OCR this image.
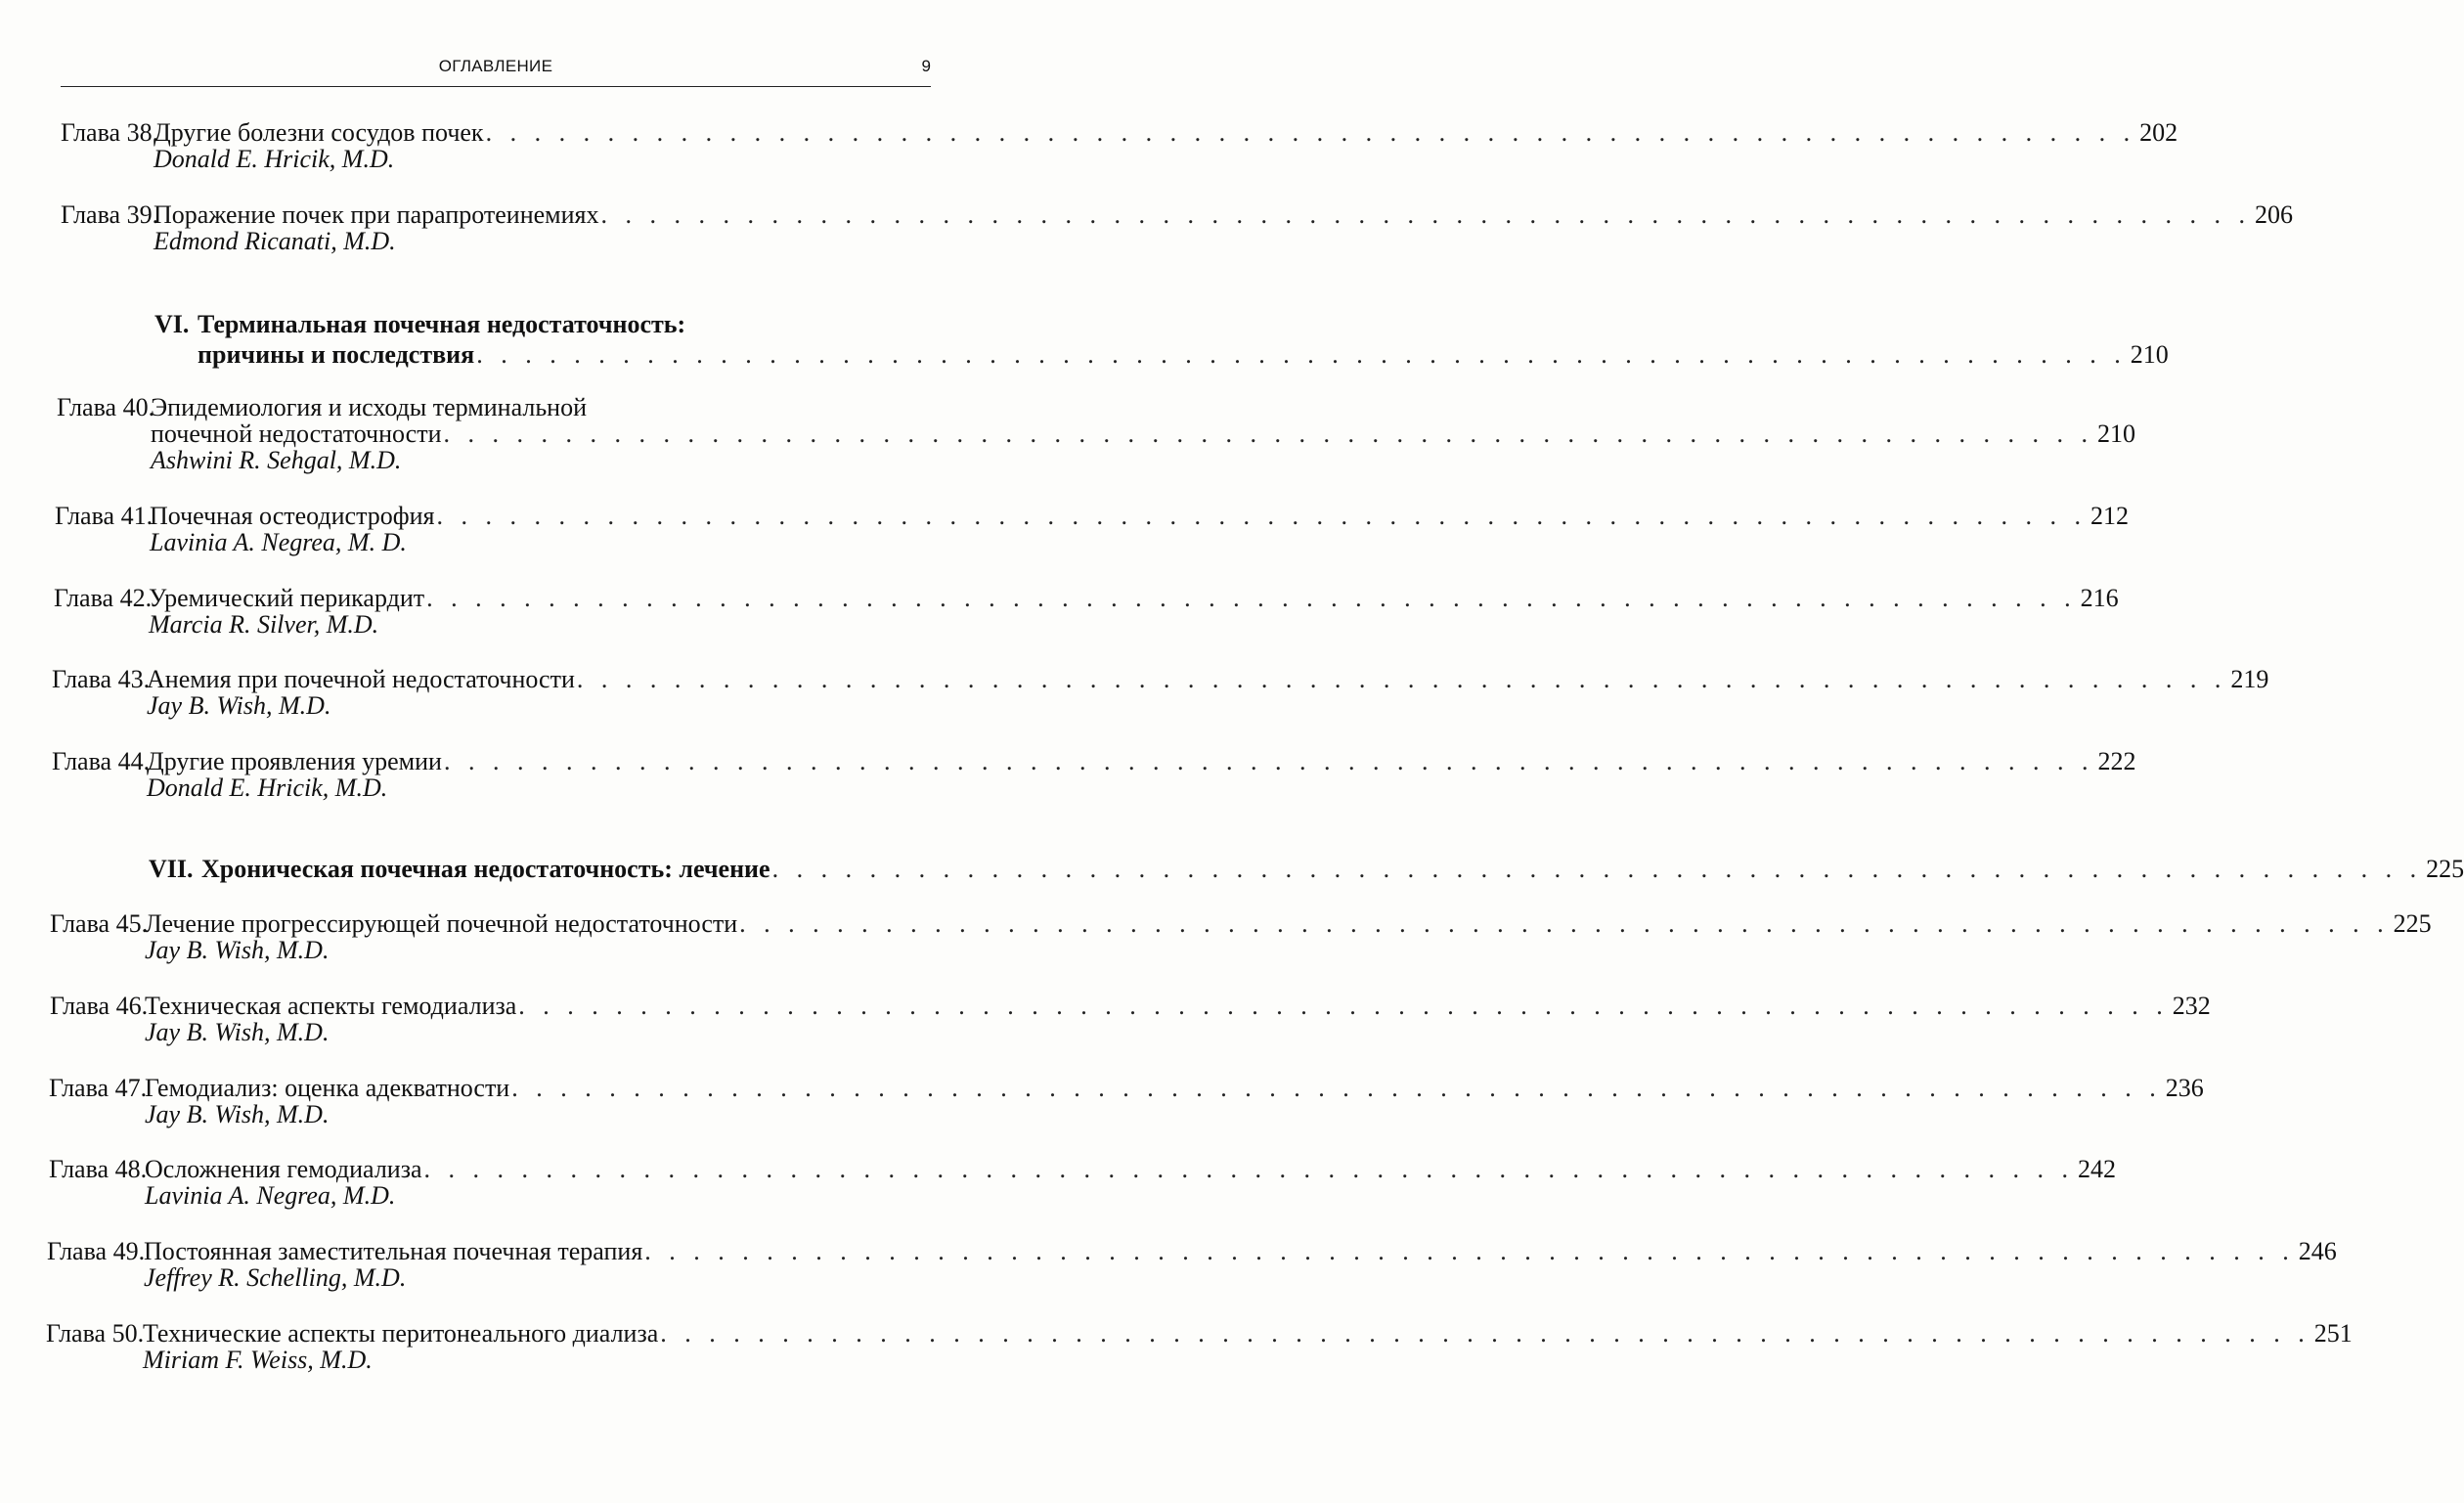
ОГЛАВЛЕНИЕ	9
Глава 38.
Другие болезни сосудов почек . . . . . . . . . . . . . . . . . . . . . . . . . . . . . . . . . . . . . . . . . . . . . . . . . . . . . . . . . . . . . . . . . . . . 202
Donald E. Hricik, M.D.
Глава 39.
Поражение почек при парапротеинемиях . . . . . . . . . . . . . . . . . . . . . . . . . . . . . . . . . . . . . . . . . . . . . . . . . . . . . . . . . . . . . . . . . . . . 206
Edmond Ricanati, M.D.
VI. Терминальная почечная недостаточность:
причины и последствия . . . . . . . . . . . . . . . . . . . . . . . . . . . . . . . . . . . . . . . . . . . . . . . . . . . . . . . . . . . . . . . . . . . . 210
Глава 40.
Эпидемиология и исходы терминальной
почечной недостаточности . . . . . . . . . . . . . . . . . . . . . . . . . . . . . . . . . . . . . . . . . . . . . . . . . . . . . . . . . . . . . . . . . . . . 210
Ashwini R. Sehgal, M.D.
Глава 41.
Почечная остеодистрофия . . . . . . . . . . . . . . . . . . . . . . . . . . . . . . . . . . . . . . . . . . . . . . . . . . . . . . . . . . . . . . . . . . . . 212
Lavinia A. Negrea, M. D.
Глава 42.
Уремический перикардит . . . . . . . . . . . . . . . . . . . . . . . . . . . . . . . . . . . . . . . . . . . . . . . . . . . . . . . . . . . . . . . . . . . . 216
Marcia R. Silver, M.D.
Глава 43.
Анемия при почечной недостаточности . . . . . . . . . . . . . . . . . . . . . . . . . . . . . . . . . . . . . . . . . . . . . . . . . . . . . . . . . . . . . . . . . . . . 219
Jay B. Wish, M.D.
Глава 44.
Другие проявления уремии . . . . . . . . . . . . . . . . . . . . . . . . . . . . . . . . . . . . . . . . . . . . . . . . . . . . . . . . . . . . . . . . . . . . 222
Donald E. Hricik, M.D.
VII. Хроническая почечная недостаточность: лечение . . . . . . . . . . . . . . . . . . . . . . . . . . . . . . . . . . . . . . . . . . . . . . . . . . . . . . . . . . . . . . . . . . . . 225
Глава 45.
Лечение прогрессирующей почечной недостаточности . . . . . . . . . . . . . . . . . . . . . . . . . . . . . . . . . . . . . . . . . . . . . . . . . . . . . . . . . . . . . . . . . . . . 225
Jay B. Wish, M.D.
Глава 46.
Техническая аспекты гемодиализа . . . . . . . . . . . . . . . . . . . . . . . . . . . . . . . . . . . . . . . . . . . . . . . . . . . . . . . . . . . . . . . . . . . . 232
Jay B. Wish, M.D.
Глава 47.
Гемодиализ: оценка адекватности . . . . . . . . . . . . . . . . . . . . . . . . . . . . . . . . . . . . . . . . . . . . . . . . . . . . . . . . . . . . . . . . . . . . 236
Jay B. Wish, M.D.
Глава 48.
Осложнения гемодиализа . . . . . . . . . . . . . . . . . . . . . . . . . . . . . . . . . . . . . . . . . . . . . . . . . . . . . . . . . . . . . . . . . . . . 242
Lavinia A. Negrea, M.D.
Глава 49.
Постоянная заместительная почечная терапия . . . . . . . . . . . . . . . . . . . . . . . . . . . . . . . . . . . . . . . . . . . . . . . . . . . . . . . . . . . . . . . . . . . . 246
Jeffrey R. Schelling, M.D.
Глава 50.
Технические аспекты перитонеального диализа . . . . . . . . . . . . . . . . . . . . . . . . . . . . . . . . . . . . . . . . . . . . . . . . . . . . . . . . . . . . . . . . . . . . 251
Miriam F. Weiss, M.D.
